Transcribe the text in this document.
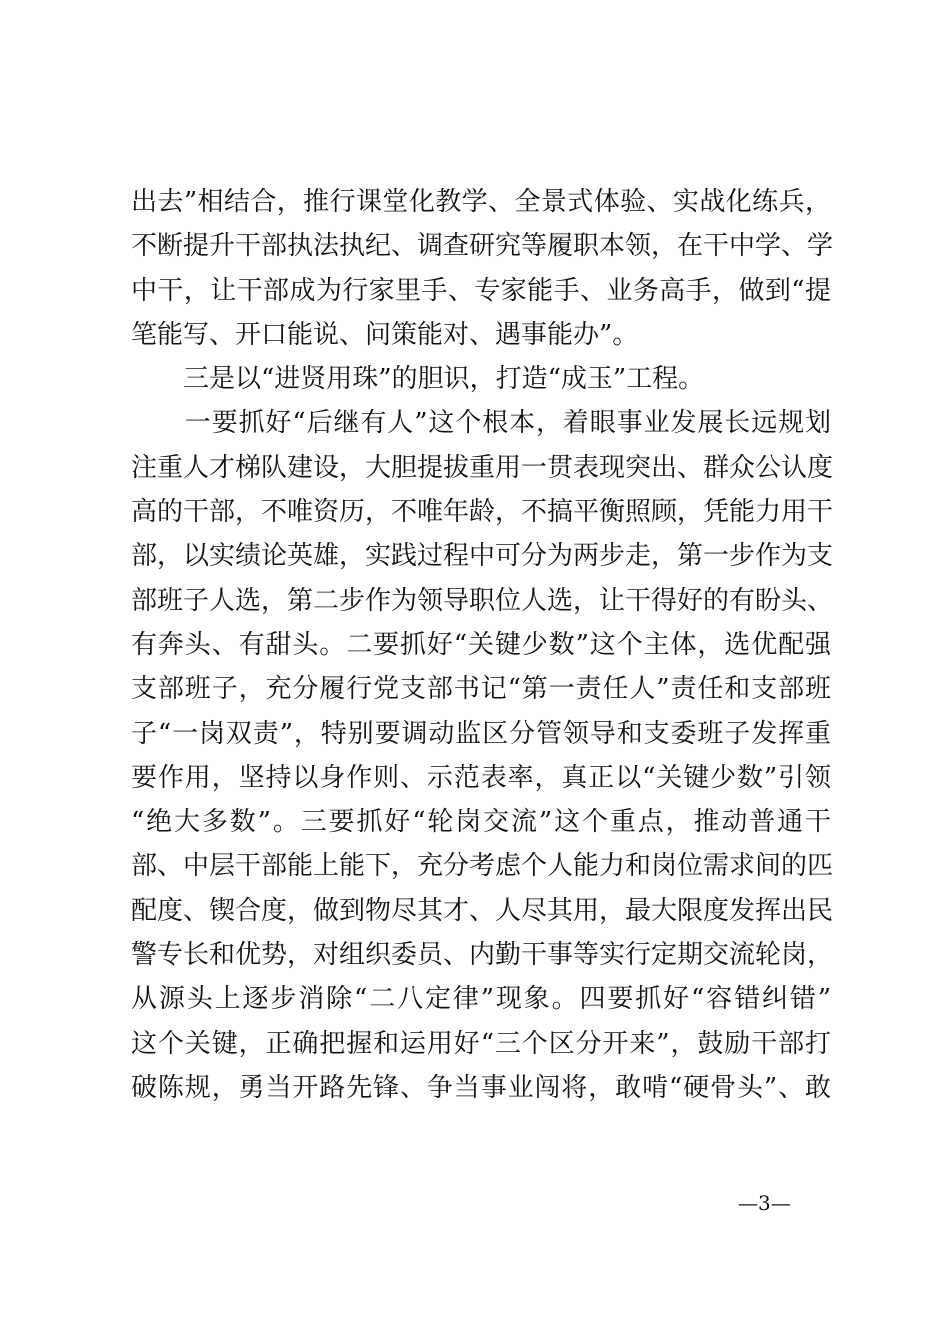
出去”相结合，推行课堂化教学、全景式体验、实战化练兵，
不断提升干部执法执纪、调查研究等履职本领，在干中学、学
中干，让干部成为行家里手、专家能手、业务高手，做到“提
笔能写、开口能说、问策能对、遇事能办”。
　　三是以“进贤用珠”的胆识，打造“成玉”工程。
　　一要抓好“后继有人”这个根本，着眼事业发展长远规划
注重人才梯队建设，大胆提拔重用一贯表现突出、群众公认度
高的干部，不唯资历，不唯年龄，不搞平衡照顾，凭能力用干
部，以实绩论英雄，实践过程中可分为两步走，第一步作为支
部班子人选，第二步作为领导职位人选，让干得好的有盼头、
有奔头、有甜头。二要抓好“关键少数”这个主体，选优配强
支部班子，充分履行党支部书记“第一责任人”责任和支部班
子“一岗双责”，特别要调动监区分管领导和支委班子发挥重
要作用，坚持以身作则、示范表率，真正以“关键少数”引领
“绝大多数”。三要抓好“轮岗交流”这个重点，推动普通干
部、中层干部能上能下，充分考虑个人能力和岗位需求间的匹
配度、锲合度，做到物尽其才、人尽其用，最大限度发挥出民
警专长和优势，对组织委员、内勤干事等实行定期交流轮岗，
从源头上逐步消除“二八定律”现象。四要抓好“容错纠错”
这个关键，正确把握和运用好“三个区分开来”，鼓励干部打
破陈规，勇当开路先锋、争当事业闯将，敢啃“硬骨头”、敢
—3—
